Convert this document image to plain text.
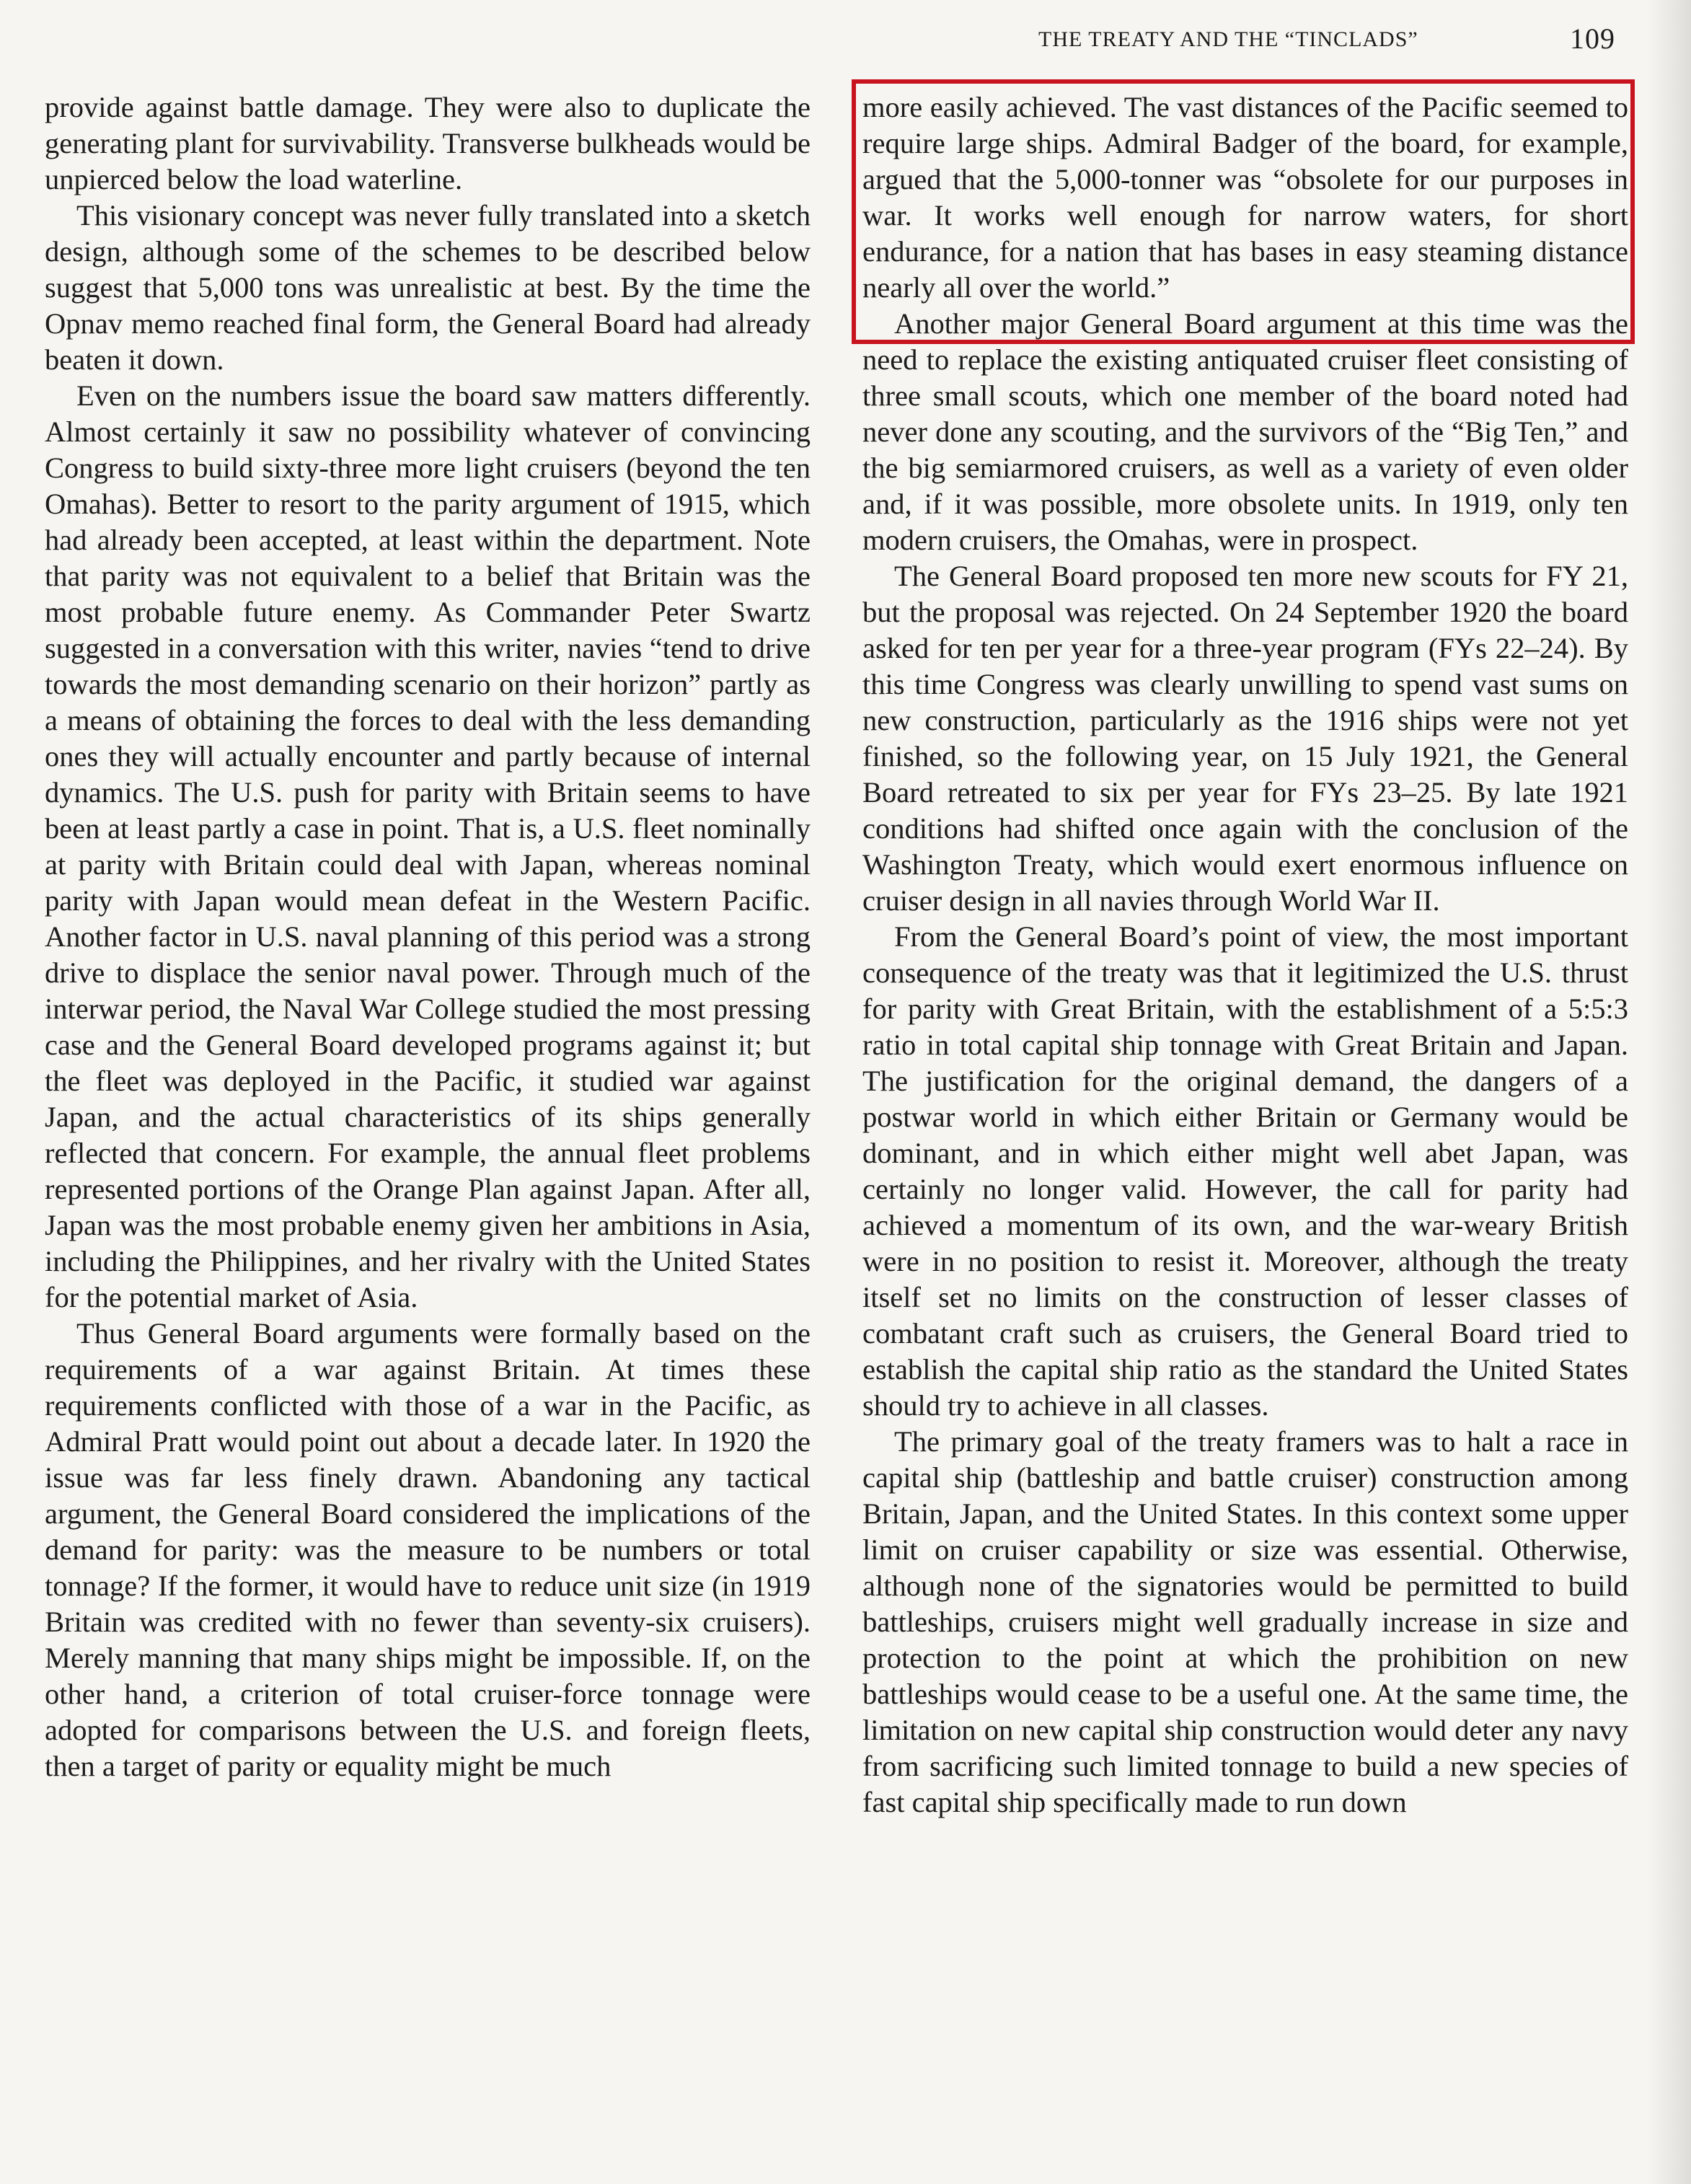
THE TREATY AND THE “TINCLADS”	109

provide against battle damage. They were also to duplicate the generating plant for survivability. Transverse bulkheads would be unpierced below the load waterline.

This visionary concept was never fully translated into a sketch design, although some of the schemes to be described below suggest that 5,000 tons was unrealistic at best. By the time the Opnav memo reached final form, the General Board had already beaten it down.

Even on the numbers issue the board saw matters differently. Almost certainly it saw no possibility whatever of convincing Congress to build sixty-three more light cruisers (beyond the ten Omahas). Better to resort to the parity argument of 1915, which had already been accepted, at least within the department. Note that parity was not equivalent to a belief that Britain was the most probable future enemy. As Commander Peter Swartz suggested in a conversation with this writer, navies “tend to drive towards the most demanding scenario on their horizon” partly as a means of obtaining the forces to deal with the less demanding ones they will actually encounter and partly because of internal dynamics. The U.S. push for parity with Britain seems to have been at least partly a case in point. That is, a U.S. fleet nominally at parity with Britain could deal with Japan, whereas nominal parity with Japan would mean defeat in the Western Pacific. Another factor in U.S. naval planning of this period was a strong drive to displace the senior naval power. Through much of the interwar period, the Naval War College studied the most pressing case and the General Board developed programs against it; but the fleet was deployed in the Pacific, it studied war against Japan, and the actual characteristics of its ships generally reflected that concern. For example, the annual fleet problems represented portions of the Orange Plan against Japan. After all, Japan was the most probable enemy given her ambitions in Asia, including the Philippines, and her rivalry with the United States for the potential market of Asia.

Thus General Board arguments were formally based on the requirements of a war against Britain. At times these requirements conflicted with those of a war in the Pacific, as Admiral Pratt would point out about a decade later. In 1920 the issue was far less finely drawn. Abandoning any tactical argument, the General Board considered the implications of the demand for parity: was the measure to be numbers or total tonnage? If the former, it would have to reduce unit size (in 1919 Britain was credited with no fewer than seventy-six cruisers). Merely manning that many ships might be impossible. If, on the other hand, a criterion of total cruiser-force tonnage were adopted for comparisons between the U.S. and foreign fleets, then a target of parity or equality might be much

more easily achieved. The vast distances of the Pacific seemed to require large ships. Admiral Badger of the board, for example, argued that the 5,000-tonner was “obsolete for our purposes in war. It works well enough for narrow waters, for short endurance, for a nation that has bases in easy steaming distance nearly all over the world.”

Another major General Board argument at this time was the need to replace the existing antiquated cruiser fleet consisting of three small scouts, which one member of the board noted had never done any scouting, and the survivors of the “Big Ten,” and the big semiarmored cruisers, as well as a variety of even older and, if it was possible, more obsolete units. In 1919, only ten modern cruisers, the Omahas, were in prospect.

The General Board proposed ten more new scouts for FY 21, but the proposal was rejected. On 24 September 1920 the board asked for ten per year for a three-year program (FYs 22–24). By this time Congress was clearly unwilling to spend vast sums on new construction, particularly as the 1916 ships were not yet finished, so the following year, on 15 July 1921, the General Board retreated to six per year for FYs 23–25. By late 1921 conditions had shifted once again with the conclusion of the Washington Treaty, which would exert enormous influence on cruiser design in all navies through World War II.

From the General Board’s point of view, the most important consequence of the treaty was that it legitimized the U.S. thrust for parity with Great Britain, with the establishment of a 5:5:3 ratio in total capital ship tonnage with Great Britain and Japan. The justification for the original demand, the dangers of a postwar world in which either Britain or Germany would be dominant, and in which either might well abet Japan, was certainly no longer valid. However, the call for parity had achieved a momentum of its own, and the war-weary British were in no position to resist it. Moreover, although the treaty itself set no limits on the construction of lesser classes of combatant craft such as cruisers, the General Board tried to establish the capital ship ratio as the standard the United States should try to achieve in all classes.

The primary goal of the treaty framers was to halt a race in capital ship (battleship and battle cruiser) construction among Britain, Japan, and the United States. In this context some upper limit on cruiser capability or size was essential. Otherwise, although none of the signatories would be permitted to build battleships, cruisers might well gradually increase in size and protection to the point at which the prohibition on new battleships would cease to be a useful one. At the same time, the limitation on new capital ship construction would deter any navy from sacrificing such limited tonnage to build a new species of fast capital ship specifically made to run down
